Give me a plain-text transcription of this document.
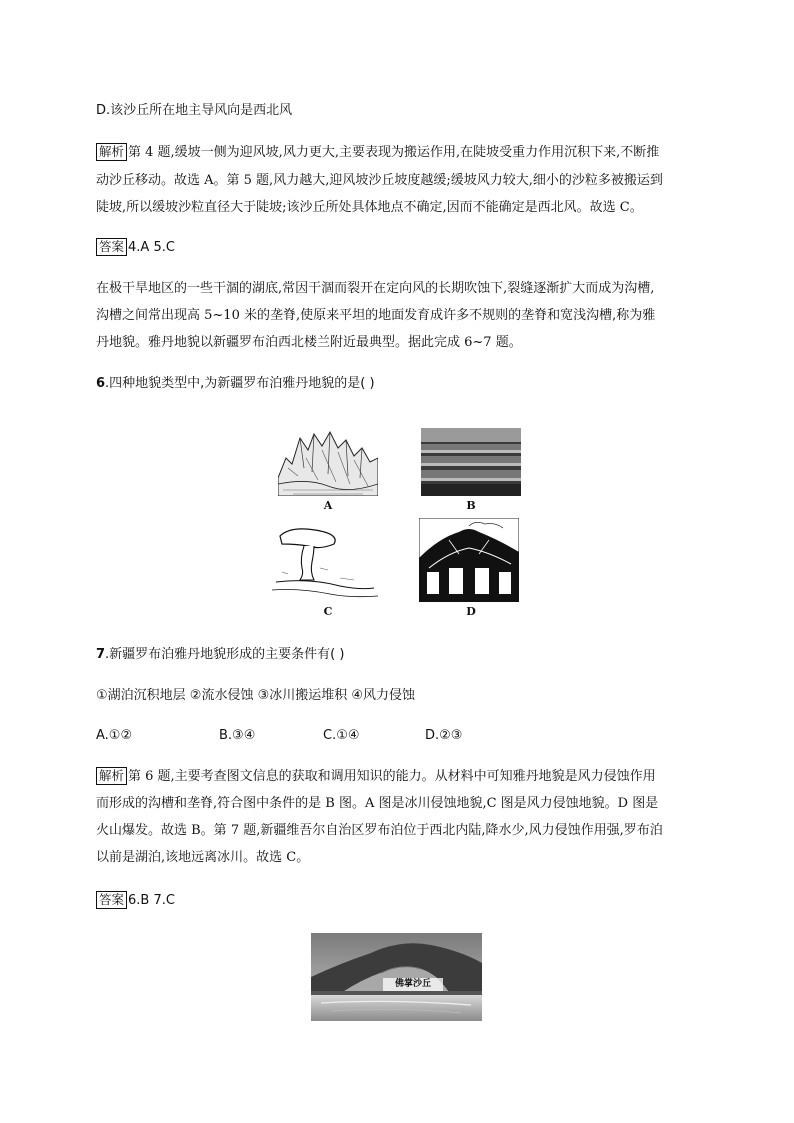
D.该沙丘所在地主导风向是西北风
解析 第 4 题,缓坡一侧为迎风坡,风力更大,主要表现为搬运作用,在陡坡受重力作用沉积下来,不断推
动沙丘移动。故选 A。第 5 题,风力越大,迎风坡沙丘坡度越缓;缓坡风力较大,细小的沙粒多被搬运到
陡坡,所以缓坡沙粒直径大于陡坡;该沙丘所处具体地点不确定,因而不能确定是西北风。故选 C。
答案 4.A 5.C
在极干旱地区的一些干涸的湖底,常因干涸而裂开在定向风的长期吹蚀下,裂缝逐渐扩大而成为沟槽,
沟槽之间常出现高 5~10 米的垄脊,使原来平坦的地面发育成许多不规则的垄脊和宽浅沟槽,称为雅
丹地貌。雅丹地貌以新疆罗布泊西北楼兰附近最典型。据此完成 6~7 题。
6.四种地貌类型中,为新疆罗布泊雅丹地貌的是( )
A	B
C	D
7.新疆罗布泊雅丹地貌形成的主要条件有( )
①湖泊沉积地层 ②流水侵蚀 ③冰川搬运堆积 ④风力侵蚀
A.①②	B.③④	C.①④	D.②③
解析 第 6 题,主要考查图文信息的获取和调用知识的能力。从材料中可知雅丹地貌是风力侵蚀作用
而形成的沟槽和垄脊,符合图中条件的是 B 图。A 图是冰川侵蚀地貌,C 图是风力侵蚀地貌。D 图是
火山爆发。故选 B。第 7 题,新疆维吾尔自治区罗布泊位于西北内陆,降水少,风力侵蚀作用强,罗布泊
以前是湖泊,该地远离冰川。故选 C。
答案 6.B 7.C
佛掌沙丘
